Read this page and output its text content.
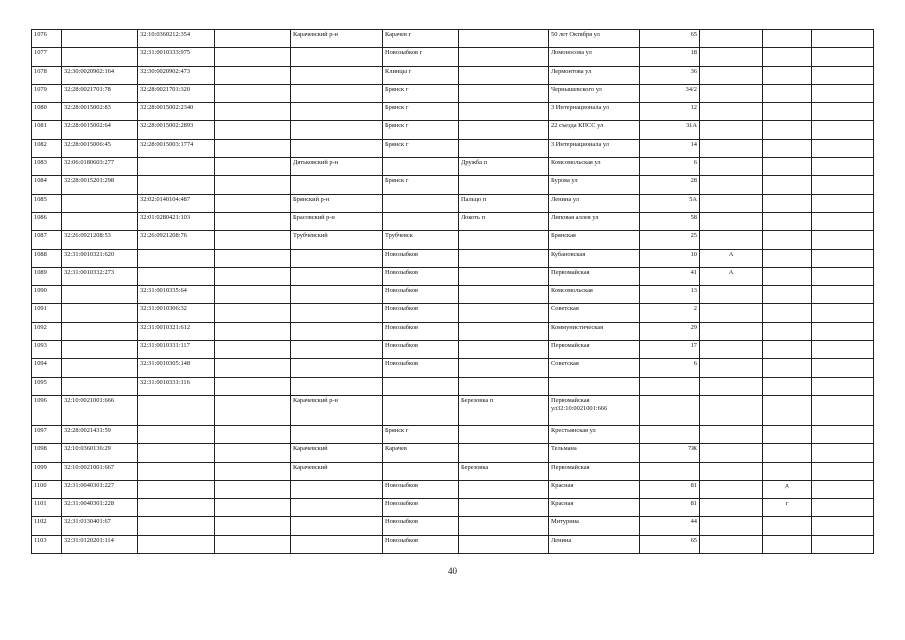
1076		32:10:0360212:354		Карачевский р-н	Карачев г		50 лет Октября ул	65			
1077		32:31:0010333:975			Новозыбков г		Ломоносова ул	18			
1078	32:30:0020902:164	32:30:0020902:473			Клинцы г		Лермонтова ул	36			
1079	32:28:0021701:78	32:28:0021701:320			Брянск г		Чернышевского ул	34/2			
1080	32:28:0015002:83	32:28:0015002:2340			Брянск г		3 Интернационала ул	12			
1081	32:28:0015002:64	32:28:0015002:2893			Брянск г		22 съезда КПСС ул	31А			
1082	32:28:0015006:45	32:28:0015003:1774			Брянск г		3 Интернационала ул	14			
1083	32:06:0180603:277			Дятьковский р-н		Дружба п	Комсомольская ул	6			
1084	32:28:0015201:298				Брянск г		Бурова ул	28			
1085		32:02:0140104:487		Брянский р-н		Пальцо п	Ленина ул	5А			
1086		32:01:0280421:103		Брасовский р-н		Локоть п	Липовая аллея ул	58			
1087	32:26:0921208:53	32:26:0921208:76		Трубчевский	Трубчевск		Брянская	25			
1088	32:31:0010321:620				Новозыбков		Кубановская	10	А		
1089	32:31:0010332:273				Новозыбков		Первомайская	41	А		
1090		32:31:0010335:64			Новозыбков		Комсомольская	13			
1091		32:31:0010306:32			Новозыбков		Советская	2			
1092		32:31:0010321:612			Новозыбков		Коммунистическая	29			
1093		32:31:0010331:117			Новозыбков		Первомайская	17			
1094		32:31:0010305:148			Новозыбков		Советская	6			
1095		32:31:0010331:116									
1096	32:10:0021001:666			Карачевский р-н		Березовка п	Первомайская ул32:10:0021001:666				
1097	32:28:0021431:59				Брянск г		Крестьянская ул				
1098	32:10:0360136:29			Карачевский	Карачев		Тельмана	7Ж			
1099	32:10:0021001:667			Карачевский		Березовка	Первомайская				
1100	32:31:0040301:227				Новозыбков		Красная	81		д	
1101	32:31:0040301:228				Новозыбков		Красная	81		г	
1102	32:31:0130401:67				Новозыбков		Митурина	44			
1103	32:31:0120201:114				Новозыбков		Ленина	65			
40
